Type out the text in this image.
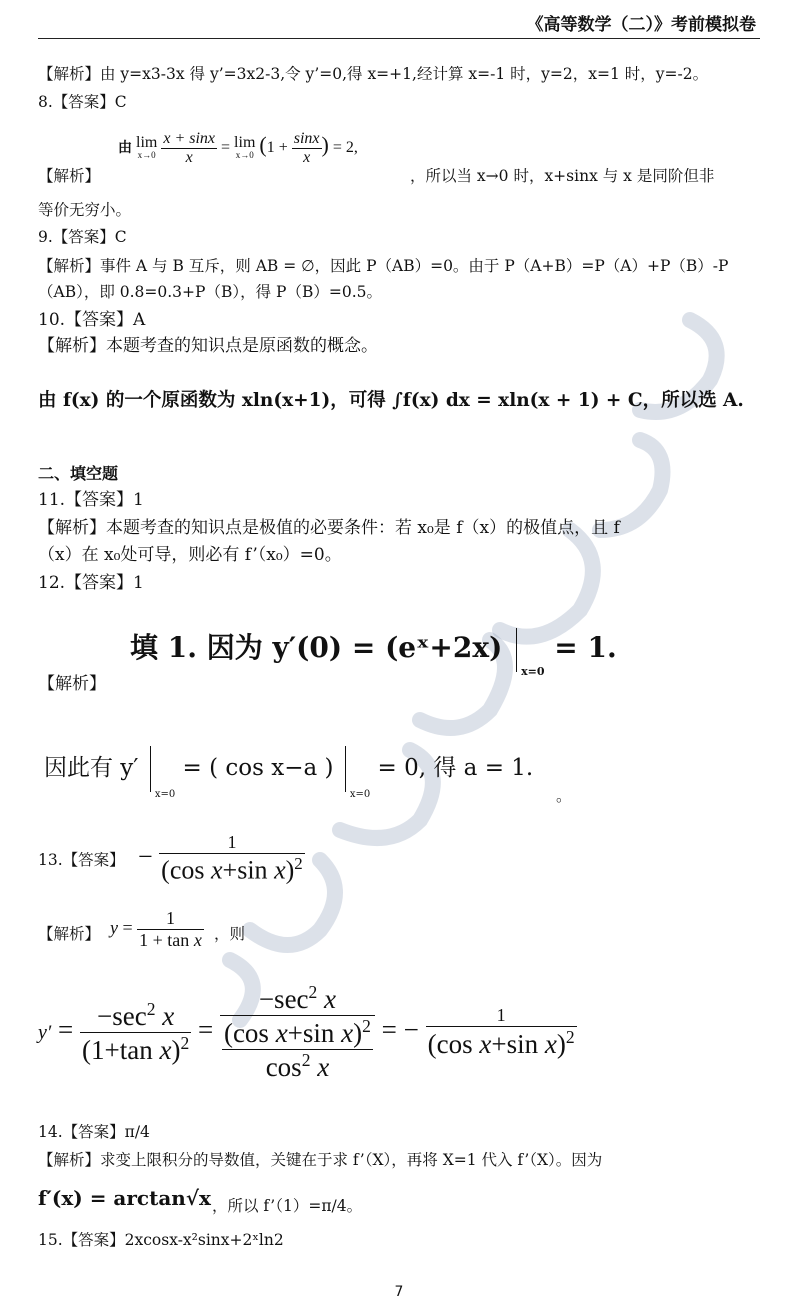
《高等数学（二）》考前模拟卷
【解析】由 y=x3-3x 得 y’=3x2-3,令 y’=0,得 x=+1,经计算 x=-1 时，y=2，x=1 时，y=-2。
8.【答案】C
【解析】
由 lim
x→0
$\frac{x + \sin x}{x} = \lim$
x→0 ($1 + \frac{\sin x}{x}$ ) = 2,
，所以当 x→0 时，x+sinx 与 x 是同阶但非
等价无穷小。
9.【答案】C
【解析】事件 A 与 B 互斥，则 AB = ∅，因此 P（AB）=0。由于 P（A+B）=P（A）+P（B）-P
（AB），即 0.8=0.3+P（B），得 P（B）=0.5。
10.【答案】A
【解析】本题考查的知识点是原函数的概念。
由 f(x) 的一个原函数为 xln(x+1)，可得 ∫f(x) dx = xln(x + 1) + C，所以选 A.
二、填空题
11.【答案】1
【解析】本题考查的知识点是极值的必要条件：若 x₀是 f（x）的极值点，且 f
（x）在 x₀处可导，则必有 f’（x₀）=0。
12.【答案】1
填 1. 因为 y′(0) = (eˣ+2x) $_{x=0}$ = 1.
【解析】
因此有 y′ $_{x=0}$ = ( cos x−a ) $_{x=0}$ = 0, 得 a = 1.
。
13.【答案】 − $\frac{1}{(\cos x+\sin x)^2}$
【解析】 $y = \frac{1}{\text{1 + tan x}}$ ，则
$y' = \frac{-\sec^2 x}{(1+\tan x)^2} = \frac{-\sec^2 x}{\frac{(\cos x+\sin x)^2}{\cos^2 x}}$ = − $\frac{1}{(\cos x+\sin x)^2}$
14.【答案】π/4
【解析】求变上限积分的导数值，关键在于求 f’（X），再将 X=1 代入 f’（X）。因为
f′(x) = arctan√x ，所以 f’（1）=π/4。
15.【答案】2xcosx-x²sinx+2ˣln2
7
